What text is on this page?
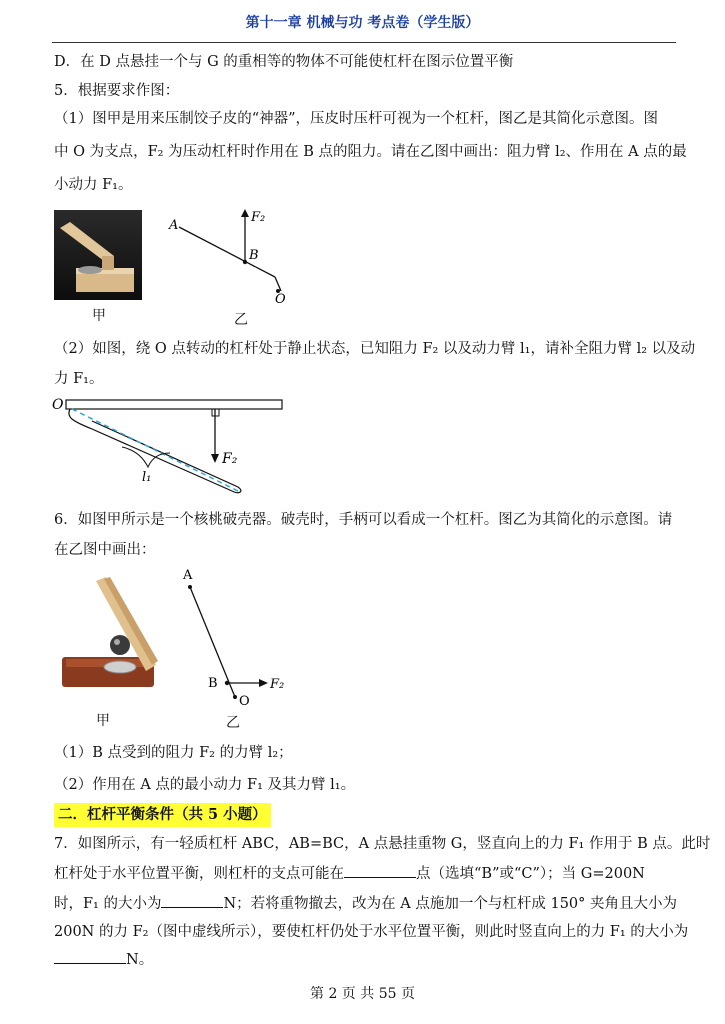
第十一章 机械与功 考点卷（学生版）
D．在 D 点悬挂一个与 G 的重相等的物体不可能使杠杆在图示位置平衡
5．根据要求作图：
（1）图甲是用来压制饺子皮的“神器”，压皮时压杆可视为一个杠杆，图乙是其简化示意图。图
中 O 为支点，F₂ 为压动杠杆时作用在 B 点的阻力。请在乙图中画出：阻力臂 l₂、作用在 A 点的最
小动力 F₁。
A
B
O
F₂
甲	乙
（2）如图，绕 O 点转动的杠杆处于静止状态，已知阻力 F₂ 以及动力臂 l₁，请补全阻力臂 l₂ 以及动
力 F₁。
O
F₂
l₁
6．如图甲所示是一个核桃破壳器。破壳时，手柄可以看成一个杠杆。图乙为其简化的示意图。请
在乙图中画出：
A
B
O
F₂
甲	乙
（1）B 点受到的阻力 F₂ 的力臂 l₂；
（2）作用在 A 点的最小动力 F₁ 及其力臂 l₁。
二．杠杆平衡条件（共 5 小题）
7．如图所示，有一轻质杠杆 ABC，AB=BC，A 点悬挂重物 G，竖直向上的力 F₁ 作用于 B 点。此时
杠杆处于水平位置平衡，则杠杆的支点可能在	点（选填“B”或“C”）；当 G=200N
时，F₁ 的大小为	N；若将重物撤去，改为在 A 点施加一个与杠杆成 150° 夹角且大小为
200N 的力 F₂（图中虚线所示），要使杠杆仍处于水平位置平衡，则此时竖直向上的力 F₁ 的大小为
N。
第 2 页 共 55 页
